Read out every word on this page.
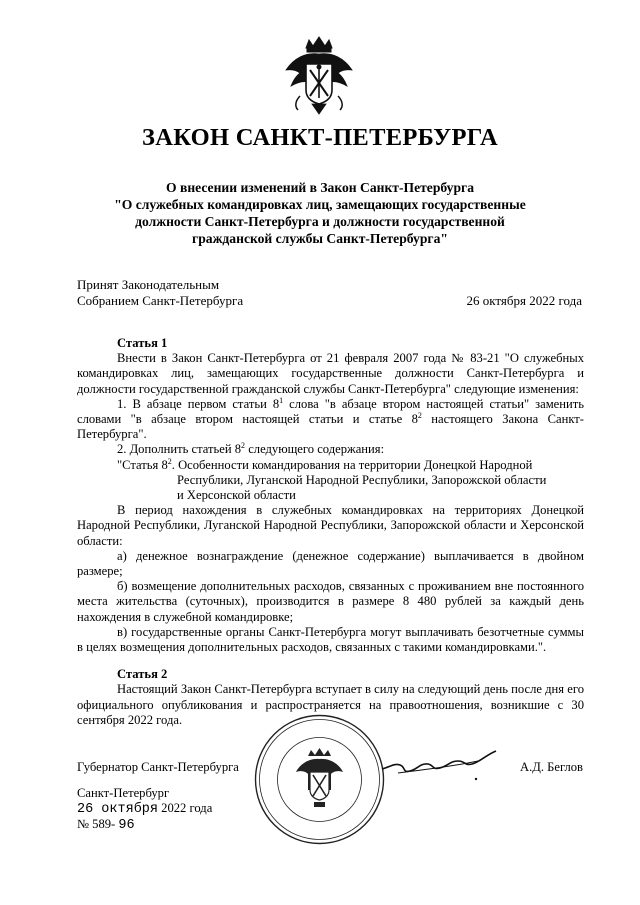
ЗАКОН САНКТ-ПЕТЕРБУРГА
О внесении изменений в Закон Санкт-Петербурга
"О служебных командировках лиц, замещающих государственные
должности Санкт-Петербурга и должности государственной
гражданской службы Санкт-Петербурга"
Принят Законодательным
Собранием Санкт-Петербурга	26 октября 2022 года

Статья 1

Внести в Закон Санкт-Петербурга от 21 февраля 2007 года № 83-21 "О служебных командировках лиц, замещающих государственные должности Санкт-Петербурга и должности государственной гражданской службы Санкт-Петербурга" следующие изменения:

1. В абзаце первом статьи $8^1$ слова "в абзаце втором настоящей статьи" заменить словами "в абзаце втором настоящей статьи и статье $8^2$ настоящего Закона Санкт-Петербурга".

2. Дополнить статьей $8^2$ следующего содержания:

"Статья $8^2$. Особенности командирования на территории Донецкой Народной

Республики, Луганской Народной Республики, Запорожской области

и Херсонской области

В период нахождения в служебных командировках на территориях Донецкой Народной Республики, Луганской Народной Республики, Запорожской области и Херсонской области:

а) денежное вознаграждение (денежное содержание) выплачивается в двойном размере;

б) возмещение дополнительных расходов, связанных с проживанием вне постоянного места жительства (суточных), производится в размере 8 480 рублей за каждый день нахождения в служебной командировке;

в) государственные органы Санкт-Петербурга могут выплачивать безотчетные суммы в целях возмещения дополнительных расходов, связанных с такими командировками.".

Статья 2

Настоящий Закон Санкт-Петербурга вступает в силу на следующий день после дня его официального опубликования и распространяется на правоотношения, возникшие с 30 сентября 2022 года.

Губернатор Санкт-Петербурга	А.Д. Беглов
Санкт-Петербург
26 октября 2022 года
№ 589- 96
